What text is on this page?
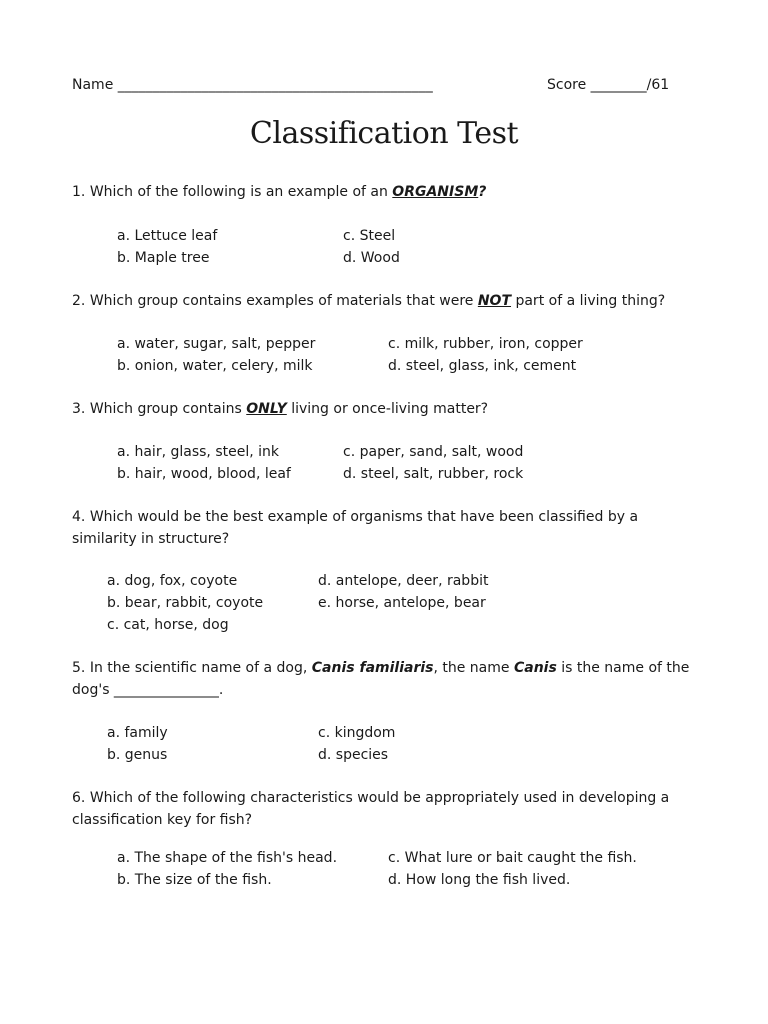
Name _____________________________________________	Score ________/61
Classification Test
1. Which of the following is an example of an ORGANISM?
a. Lettuce leaf
b. Maple tree
c. Steel
d. Wood
2. Which group contains examples of materials that were NOT part of a living thing?
a. water, sugar, salt, pepper
b. onion, water, celery, milk
c. milk, rubber, iron, copper
d. steel, glass, ink, cement
3. Which group contains ONLY living or once-living matter?
a. hair, glass, steel, ink
b. hair, wood, blood, leaf
c. paper, sand, salt, wood
d. steel, salt, rubber, rock
4. Which would be the best example of organisms that have been classified by a
similarity in structure?
a. dog, fox, coyote
b. bear, rabbit, coyote
c. cat, horse, dog
d. antelope, deer, rabbit
e. horse, antelope, bear
5. In the scientific name of a dog, Canis familiaris, the name Canis is the name of the
dog's _______________.
a. family
b. genus
c. kingdom
d. species
6. Which of the following characteristics would be appropriately used in developing a
classification key for fish?
a. The shape of the fish's head.
b. The size of the fish.
c. What lure or bait caught the fish.
d. How long the fish lived.
